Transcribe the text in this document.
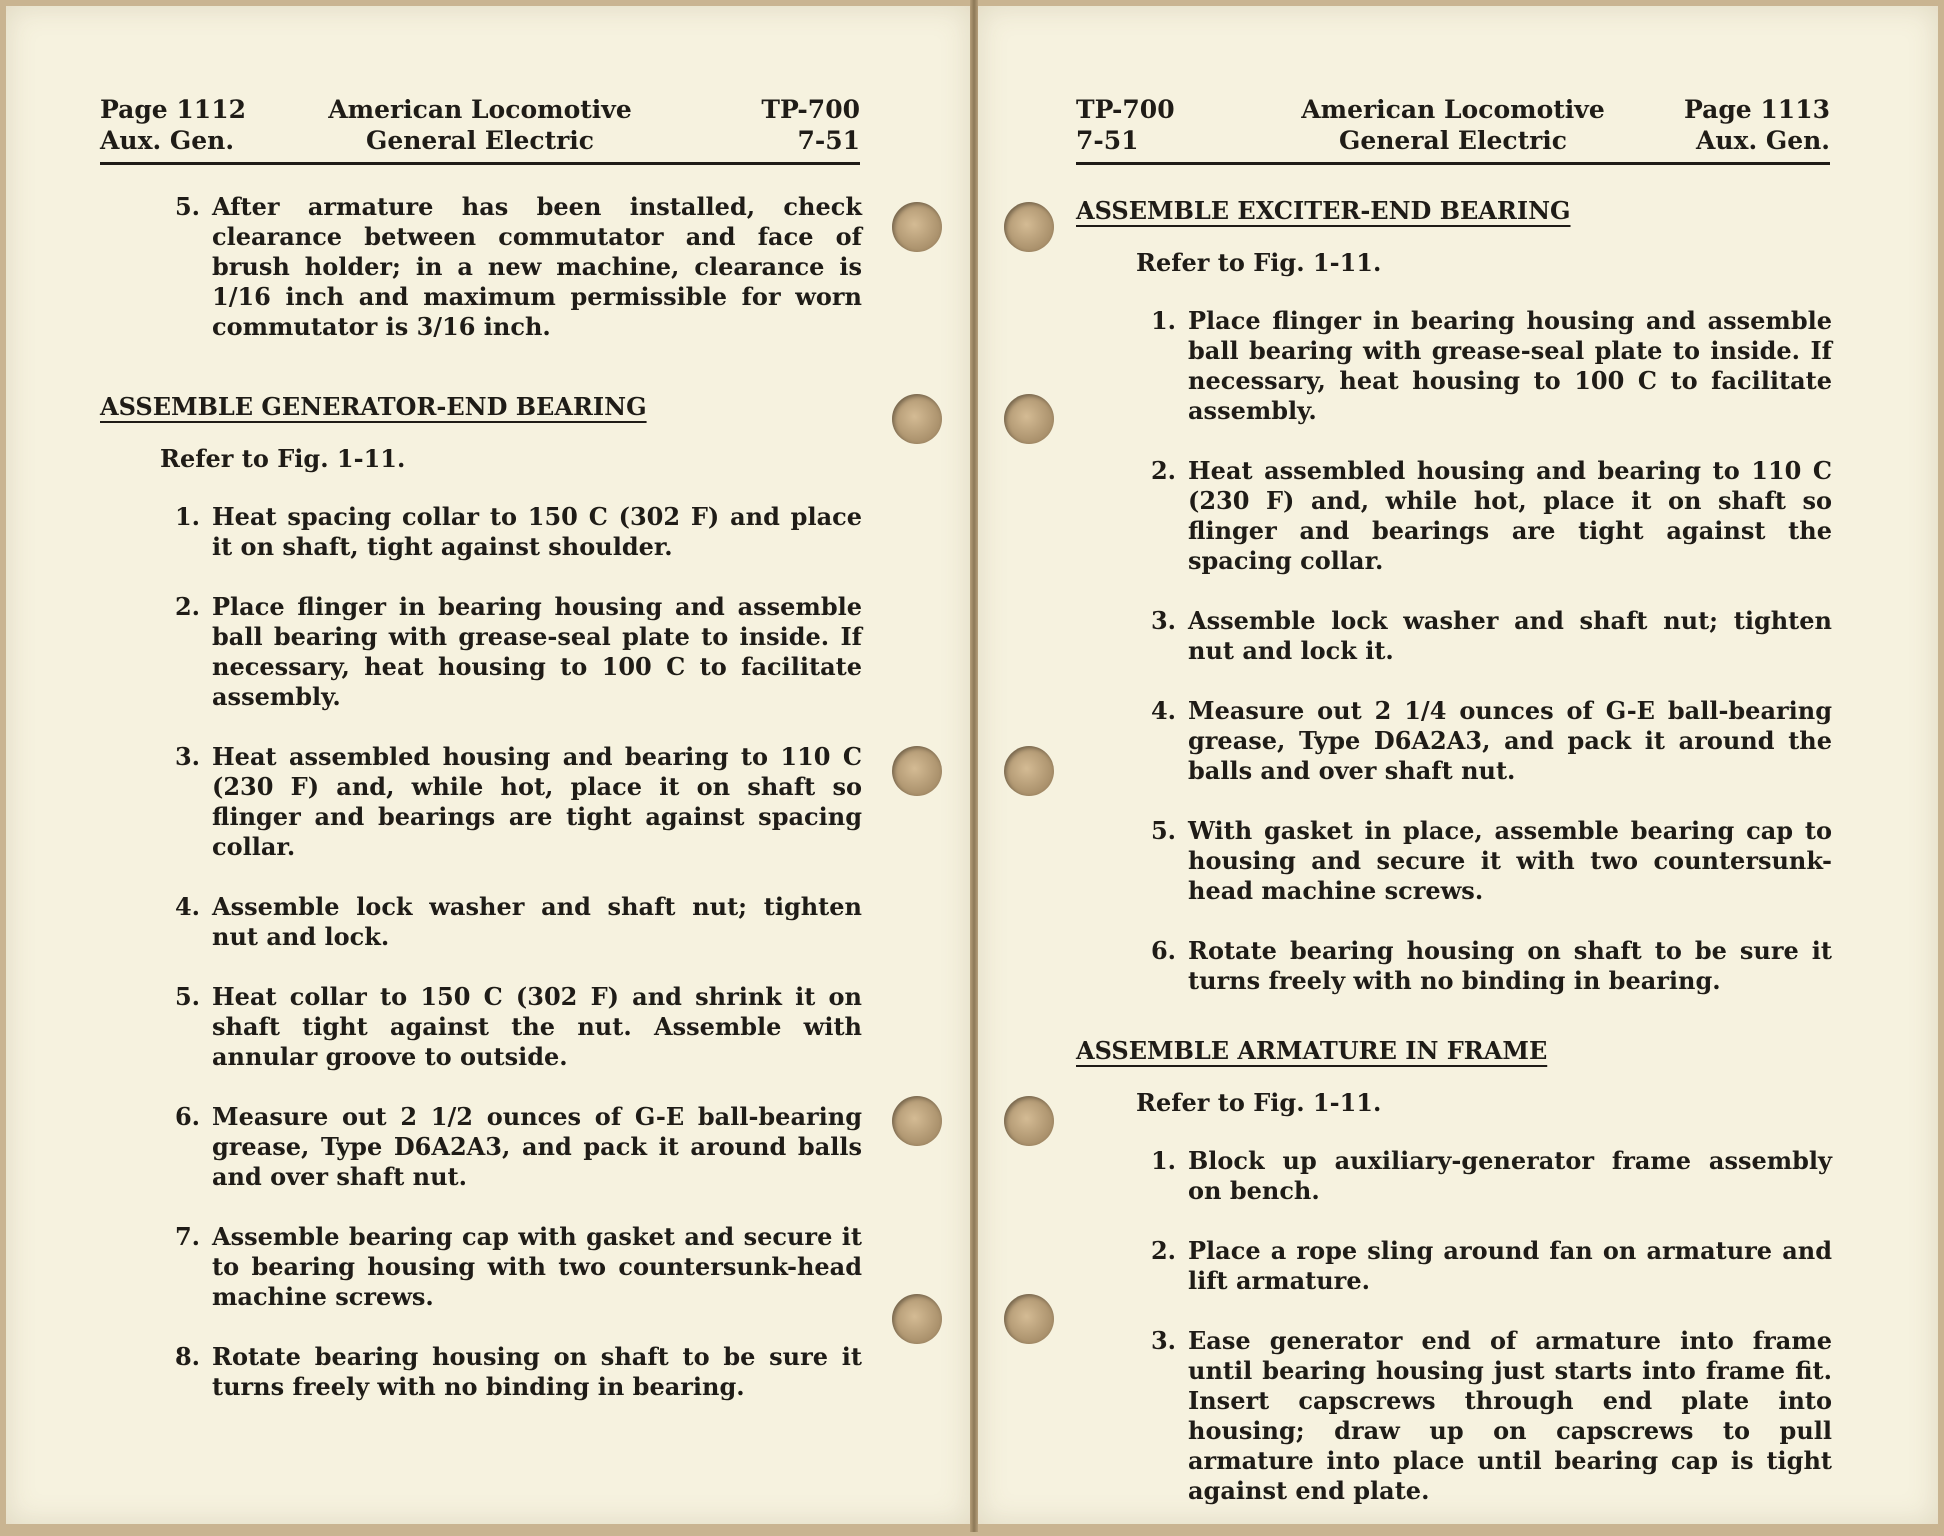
Page 1112
Aux. Gen.
American Locomotive
General Electric
TP-700
7-51
5. After armature has been installed, check clearance between commutator and face of brush holder; in a new machine, clearance is 1/16 inch and maximum permissible for worn commutator is 3/16 inch.
ASSEMBLE GENERATOR-END BEARING
Refer to Fig. 1-11.
1. Heat spacing collar to 150 C (302 F) and place it on shaft, tight against shoulder.
2. Place flinger in bearing housing and assemble ball bearing with grease-seal plate to inside. If necessary, heat housing to 100 C to facilitate assembly.
3. Heat assembled housing and bearing to 110 C (230 F) and, while hot, place it on shaft so flinger and bearings are tight against spacing collar.
4. Assemble lock washer and shaft nut; tighten nut and lock.
5. Heat collar to 150 C (302 F) and shrink it on shaft tight against the nut. Assemble with annular groove to outside.
6. Measure out 2 1/2 ounces of G-E ball-bearing grease, Type D6A2A3, and pack it around balls and over shaft nut.
7. Assemble bearing cap with gasket and secure it to bearing housing with two countersunk-head machine screws.
8. Rotate bearing housing on shaft to be sure it turns freely with no binding in bearing.
TP-700
7-51
American Locomotive
General Electric
Page 1113
Aux. Gen.
ASSEMBLE EXCITER-END BEARING
Refer to Fig. 1-11.
1. Place flinger in bearing housing and assemble ball bearing with grease-seal plate to inside. If necessary, heat housing to 100 C to facilitate assembly.
2. Heat assembled housing and bearing to 110 C (230 F) and, while hot, place it on shaft so flinger and bearings are tight against the spacing collar.
3. Assemble lock washer and shaft nut; tighten nut and lock it.
4. Measure out 2 1/4 ounces of G-E ball-bearing grease, Type D6A2A3, and pack it around the balls and over shaft nut.
5. With gasket in place, assemble bearing cap to housing and secure it with two countersunk-head machine screws.
6. Rotate bearing housing on shaft to be sure it turns freely with no binding in bearing.
ASSEMBLE ARMATURE IN FRAME
Refer to Fig. 1-11.
1. Block up auxiliary-generator frame assembly on bench.
2. Place a rope sling around fan on armature and lift armature.
3. Ease generator end of armature into frame until bearing housing just starts into frame fit. Insert capscrews through end plate into housing; draw up on capscrews to pull armature into place until bearing cap is tight against end plate.
